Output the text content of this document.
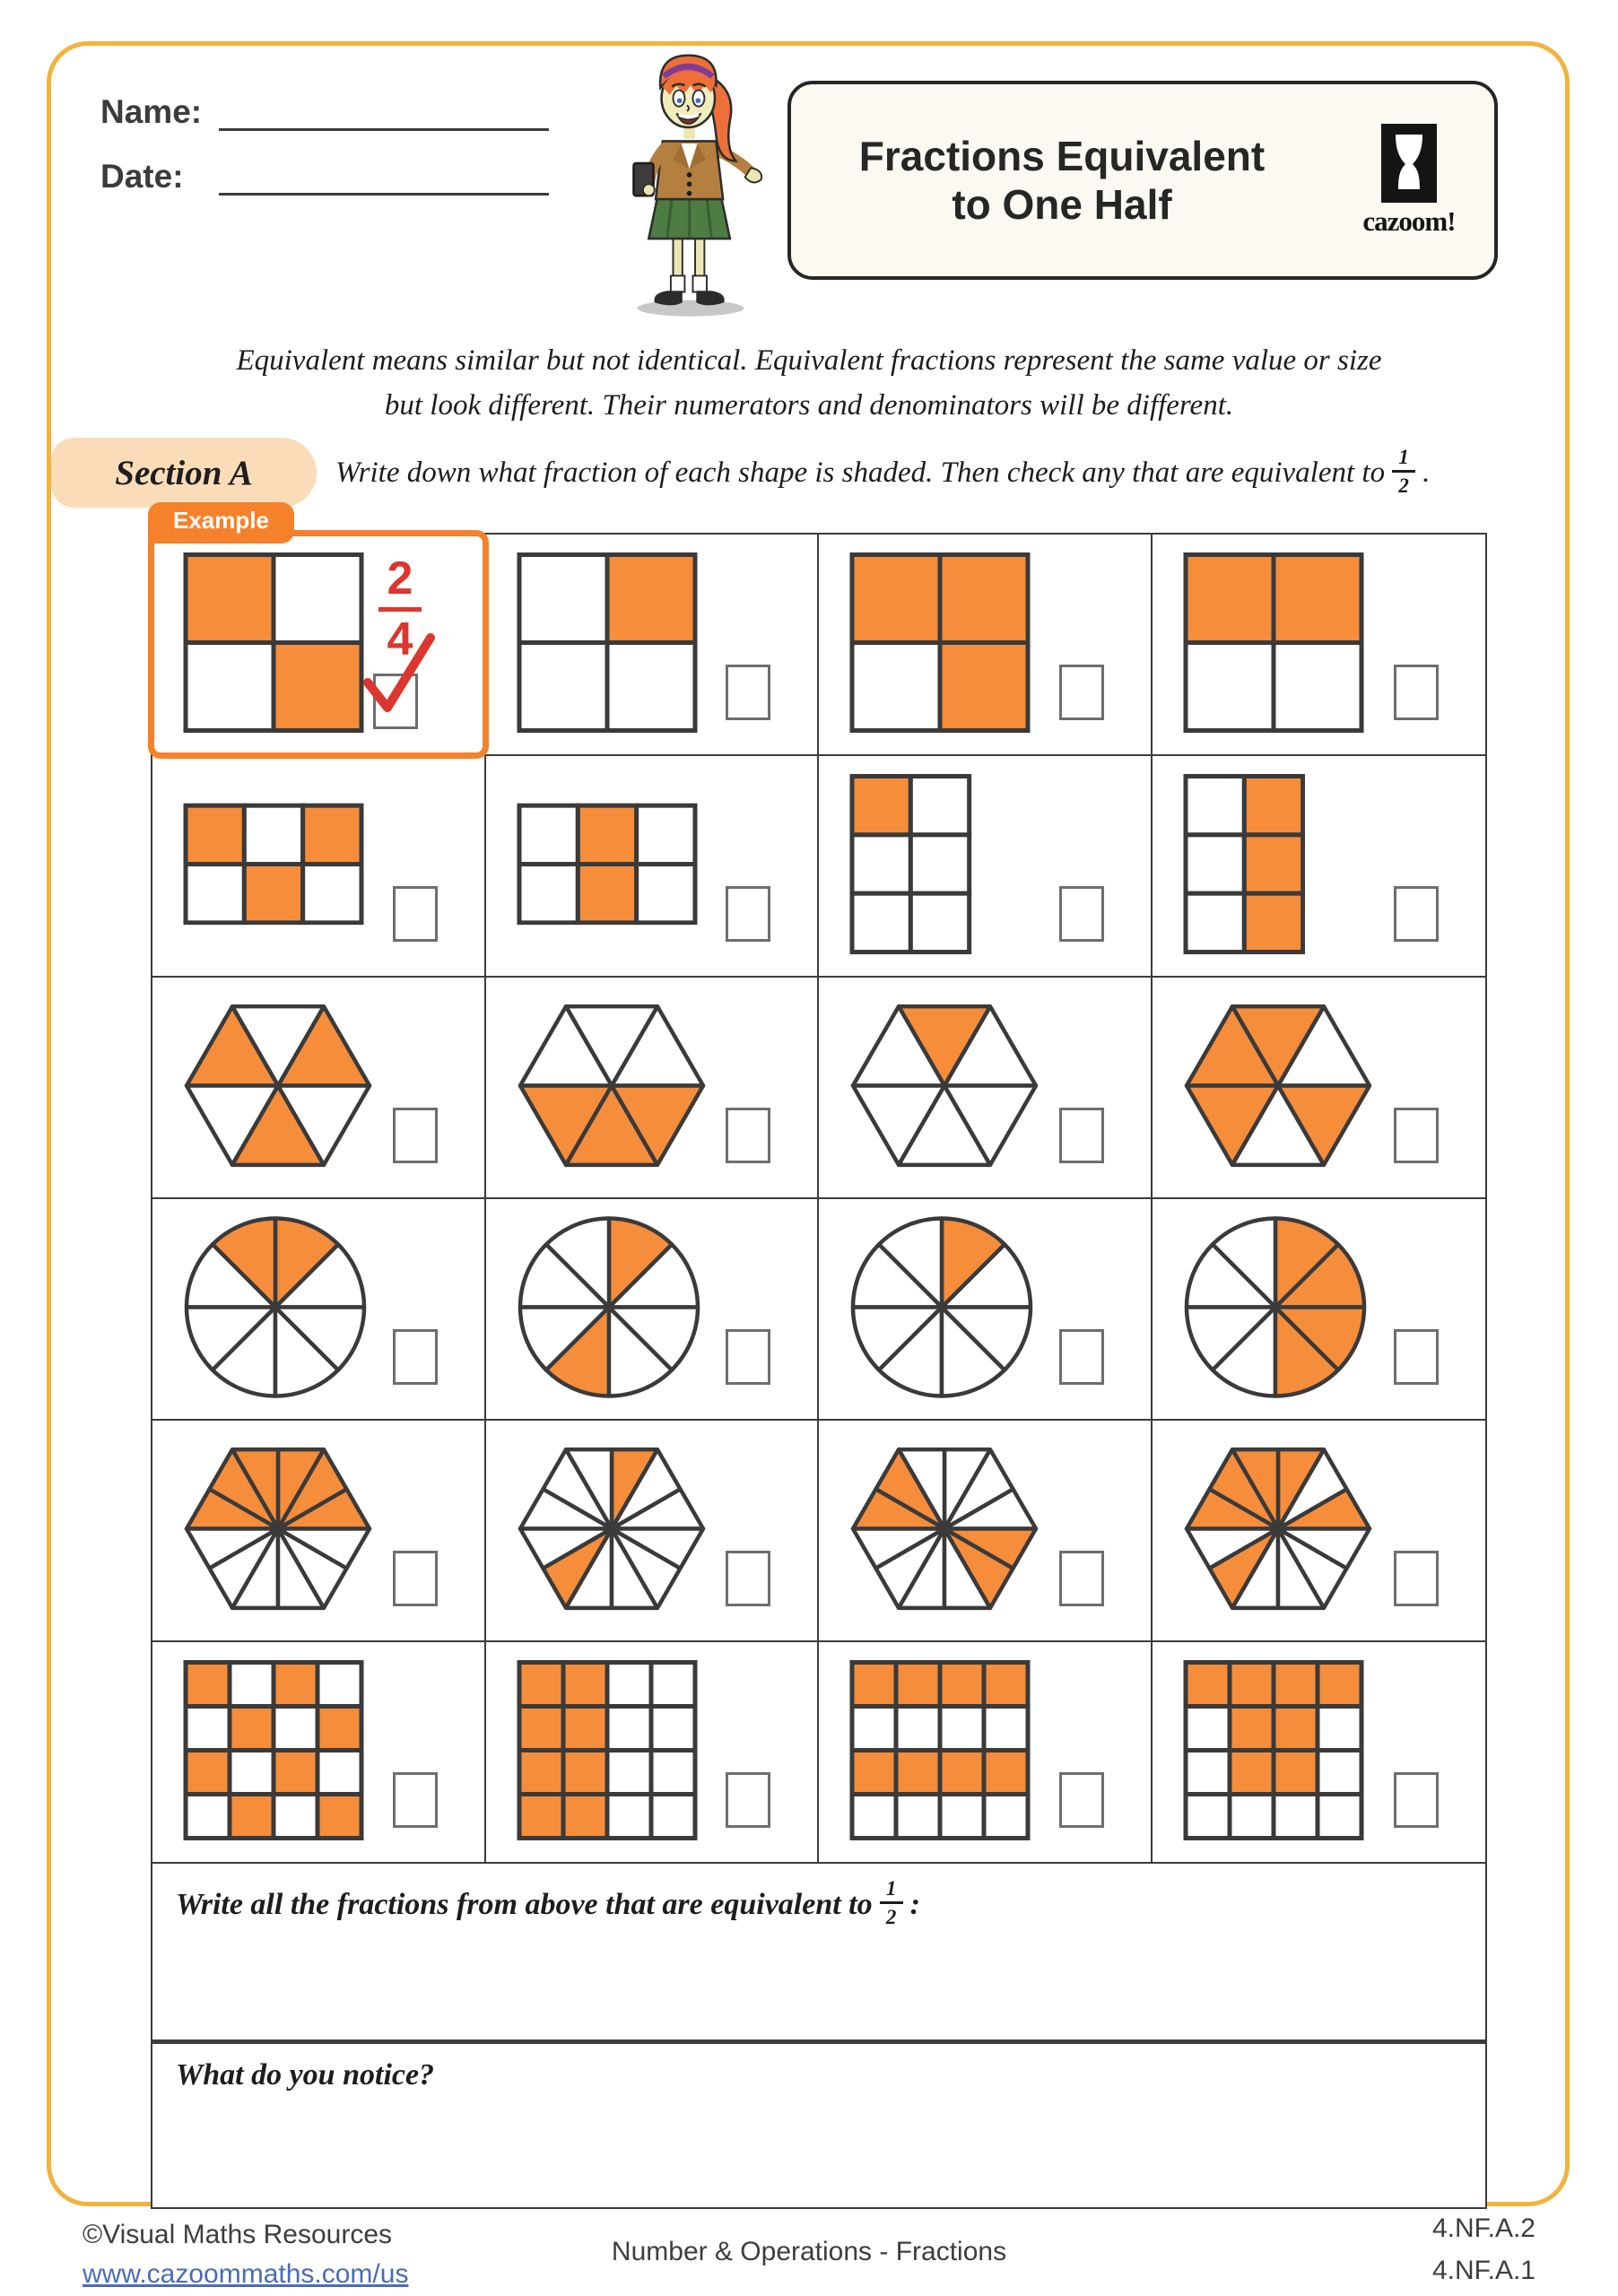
Name:
Date:	Fractions Equivalent
to One Half	cazoom!
Equivalent means similar but not identical. Equivalent fractions represent the same value or size
but look different. Their numerators and denominators will be different.
Section A	Write down what fraction of each shape is shaded. Then check any that are equivalent to $\frac{1}{2}$ .
Example
2
4
Write all the fractions from above that are equivalent to $\frac{1}{2}$ :
What do you notice?
©Visual Maths Resources
www.cazoommaths.com/us
Number & Operations - Fractions
4.NF.A.2
4.NF.A.1
